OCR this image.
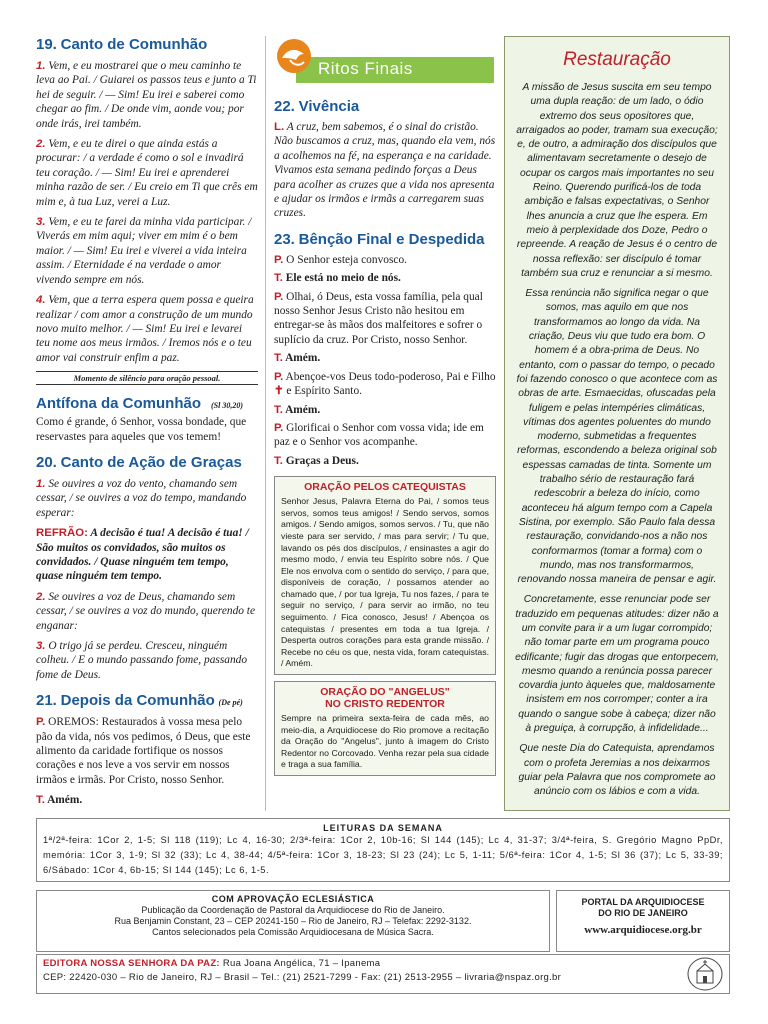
19. Canto de Comunhão

1. Vem, e eu mostrarei que o meu caminho te leva ao Pai. / Guiarei os passos teus e junto a Ti hei de seguir. / — Sim! Eu irei e saberei como chegar ao fim. / De onde vim, aonde vou; por onde irás, irei também.

2. Vem, e eu te direi o que ainda estás a procurar: / a verdade é como o sol e invadirá teu coração. / — Sim! Eu irei e aprenderei minha razão de ser. / Eu creio em Ti que crês em mim e, à tua Luz, verei a Luz.

3. Vem, e eu te farei da minha vida participar. / Viverás em mim aqui; viver em mim é o bem maior. / — Sim! Eu irei e viverei a vida inteira assim. / Eternidade é na verdade o amor vivendo sempre em nós.

4. Vem, que a terra espera quem possa e queira realizar / com amor a construção de um mundo novo muito melhor. / — Sim! Eu irei e levarei teu nome aos meus irmãos. / Iremos nós e o teu amor vai construir enfim a paz.

Momento de silêncio para oração pessoal.

Antífona da Comunhão (Sl 30,20)

Como é grande, ó Senhor, vossa bondade, que reservastes para aqueles que vos temem!

20. Canto de Ação de Graças

1. Se ouvires a voz do vento, chamando sem cessar, / se ouvires a voz do tempo, mandando esperar:

REFRÃO: A decisão é tua! A decisão é tua! / São muitos os convidados, são muitos os convidados. / Quase ninguém tem tempo, quase ninguém tem tempo.

2. Se ouvires a voz de Deus, chamando sem cessar, / se ouvires a voz do mundo, querendo te enganar:

3. O trigo já se perdeu. Cresceu, ninguém colheu. / E o mundo passando fome, passando fome de Deus.

21. Depois da Comunhão (De pé)

P. OREMOS: Restaurados à vossa mesa pelo pão da vida, nós vos pedimos, ó Deus, que este alimento da caridade fortifique os nossos corações e nos leve a vos servir em nossos irmãos e irmãs. Por Cristo, nosso Senhor.

T. Amém.

Ritos Finais

22. Vivência

L. A cruz, bem sabemos, é o sinal do cristão. Não buscamos a cruz, mas, quando ela vem, nós a acolhemos na fé, na esperança e na caridade. Vivamos esta semana pedindo forças a Deus para acolher as cruzes que a vida nos apresenta e ajudar os irmãos e irmãs a carregarem suas cruzes.

23. Bênção Final e Despedida

P. O Senhor esteja convosco.

T. Ele está no meio de nós.

P. Olhai, ó Deus, esta vossa família, pela qual nosso Senhor Jesus Cristo não hesitou em entregar-se às mãos dos malfeitores e sofrer o suplício da cruz. Por Cristo, nosso Senhor.

T. Amém.

P. Abençoe-vos Deus todo-poderoso, Pai e Filho ✝ e Espírito Santo.

T. Amém.

P. Glorificai o Senhor com vossa vida; ide em paz e o Senhor vos acompanhe.

T. Graças a Deus.

ORAÇÃO PELOS CATEQUISTAS
Senhor Jesus, Palavra Eterna do Pai, / somos teus servos, somos teus amigos! / Sendo servos, somos amigos. / Sendo amigos, somos servos. / Tu, que não vieste para ser servido, / mas para servir; / Tu que, lavando os pés dos discípulos, / ensinastes a agir do mesmo modo, / envia teu Espírito sobre nós. / Que Ele nos envolva com o sentido do serviço, / para que, disponíveis de coração, / possamos atender ao chamado que, / por tua Igreja, Tu nos fazes, / para te seguir no serviço, / para servir ao irmão, no teu seguimento. / Fica conosco, Jesus! / Abençoa os catequistas / presentes em toda a tua Igreja. / Desperta outros corações para esta grande missão. / Recebe no céu os que, nesta vida, foram catequistas. / Amém.
ORAÇÃO DO "ANGELUS"
NO CRISTO REDENTOR
Sempre na primeira sexta-feira de cada mês, ao meio-dia, a Arquidiocese do Rio promove a recitação da Oração do "Angelus", junto à imagem do Cristo Redentor no Corcovado. Venha rezar pela sua cidade e traga a sua família.
Restauração

A missão de Jesus suscita em seu tempo uma dupla reação: de um lado, o ódio extremo dos seus opositores que, arraigados ao poder, tramam sua execução; e, de outro, a admiração dos discípulos que alimentavam secretamente o desejo de ocupar os cargos mais importantes no seu Reino. Querendo purificá-los de toda ambição e falsas expectativas, o Senhor lhes anuncia a cruz que lhe espera. Em meio à perplexidade dos Doze, Pedro o repreende. A reação de Jesus é o centro de nossa reflexão: ser discípulo é tomar também sua cruz e renunciar a si mesmo.

Essa renúncia não significa negar o que somos, mas aquilo em que nos transformamos ao longo da vida. Na criação, Deus viu que tudo era bom. O homem é a obra-prima de Deus. No entanto, com o passar do tempo, o pecado foi fazendo conosco o que acontece com as obras de arte. Esmaecidas, ofuscadas pela fuligem e pelas intempéries climáticas, vítimas dos agentes poluentes do mundo moderno, submetidas a frequentes reformas, escondendo a beleza original sob espessas camadas de tinta. Somente um trabalho sério de restauração fará redescobrir a beleza do início, como aconteceu há algum tempo com a Capela Sistina, por exemplo. São Paulo fala dessa restauração, convidando-nos a não nos conformarmos (tomar a forma) com o mundo, mas nos transformarmos, renovando nossa maneira de pensar e agir.

Concretamente, esse renunciar pode ser traduzido em pequenas atitudes: dizer não a um convite para ir a um lugar corrompido; não tomar parte em um programa pouco edificante; fugir das drogas que entorpecem, mesmo quando a renúncia possa parecer covardia junto àqueles que, maldosamente insistem em nos corromper; conter a ira quando o sangue sobe à cabeça; dizer não à preguiça, à corrupção, à infidelidade...

Que neste Dia do Catequista, aprendamos com o profeta Jeremias a nos deixarmos guiar pela Palavra que nos compromete ao anúncio com os lábios e com a vida.

LEITURAS DA SEMANA
1ª/2ª-feira: 1Cor 2, 1-5; Sl 118 (119); Lc 4, 16-30; 2/3ª-feira: 1Cor 2, 10b-16; Sl 144 (145); Lc 4, 31-37; 3/4ª-feira, S. Gregório Magno PpDr, memória: 1Cor 3, 1-9; Sl 32 (33); Lc 4, 38-44; 4/5ª-feira: 1Cor 3, 18-23; Sl 23 (24); Lc 5, 1-11; 5/6ª-feira: 1Cor 4, 1-5; Sl 36 (37); Lc 5, 33-39; 6/Sábado: 1Cor 4, 6b-15; Sl 144 (145); Lc 6, 1-5.
COM APROVAÇÃO ECLESIÁSTICA
Publicação da Coordenação de Pastoral da Arquidiocese do Rio de Janeiro.
Rua Benjamin Constant, 23 – CEP 20241-150 – Rio de Janeiro, RJ – Telefax: 2292-3132.
Cantos selecionados pela Comissão Arquidiocesana de Música Sacra.
PORTAL DA ARQUIDIOCESE
DO RIO DE JANEIRO
www.arquidiocese.org.br
EDITORA NOSSA SENHORA DA PAZ: Rua Joana Angélica, 71 – Ipanema
CEP: 22420-030 – Rio de Janeiro, RJ – Brasil – Tel.: (21) 2521-7299 - Fax: (21) 2513-2955 – livraria@nspaz.org.br
